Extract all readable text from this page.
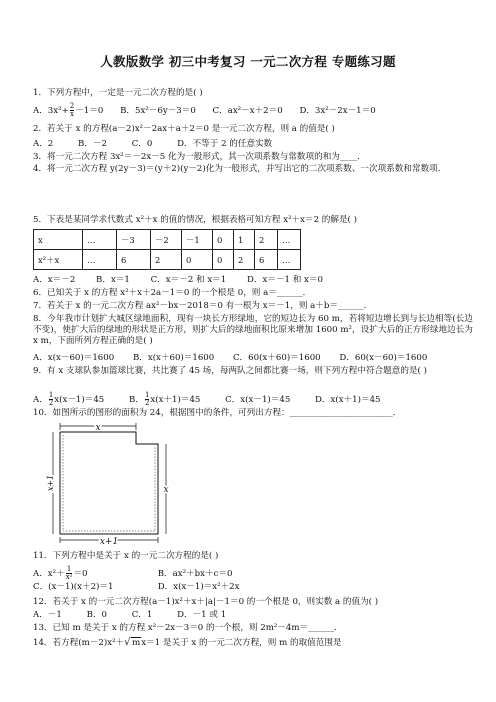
人教版数学 初三中考复习 一元二次方程 专题练习题
1．下列方程中，一定是一元二次方程的是( )
A．$3x^2+ \frac{2}{x} -1=0$ B．5x²－6y－3＝0 C．ax²－x＋2＝0 D．3x²－2x－1＝0
2．若关于 x 的方程(a－2)x²－2ax＋a＋2＝0 是一元二次方程，则 a 的值是( )
A．2	B．－2	C．0	D．不等于 2 的任意实数
3．将一元二次方程 3x²＝－2x－5 化为一般形式，其一次项系数与常数项的和为____．
4．将一元二次方程 y(2y－3)＝(y＋2)(y－2)化为一般形式，并写出它的二次项系数、一次项系数和常数项．
5．下表是某同学求代数式 x²＋x 的值的情况，根据表格可知方程 x²＋x＝2 的解是( )
x	…	－3	－2	－1	0	1	2	…
x²＋x	…	6	2	0	0	2	6	…
A．x＝－2 B．x＝1 C．x＝－2 和 x＝1 D．x＝－1 和 x＝0
6．已知关于 x 的方程 x²＋x＋2a－1＝0 的一个根是 0，则 a＝______．
7．若关于 x 的一元二次方程 ax²－bx－2018＝0 有一根为 x＝－1，则 a＋b＝______．
8．今年我市计划扩大城区绿地面积，现有一块长方形绿地，它的短边长为 60 m，若将短边增长到与长边相等(长边不变)，使扩大后的绿地的形状是正方形，则扩大后的绿地面积比原来增加 1600 m²，设扩大后的正方形绿地边长为 x m，下面所列方程正确的是( )
A．x(x－60)＝1600 B．x(x＋60)＝1600 C．60(x＋60)＝1600 D．60(x－60)＝1600
9．有 x 支球队参加篮球比赛，共比赛了 45 场，每两队之间都比赛一场，则下列方程中符合题意的是( )
A． $\frac{1}{2} x(x-1)=45$	B． $\frac{1}{2} x(x+1)=45$	C．x(x－1)＝45	D．x(x＋1)＝45
10．如图所示的图形的面积为 24，根据图中的条件，可列出方程：________________________．
x
x+1	x
x+1
11．下列方程中是关于 x 的一元二次方程的是( )
A．$x^2+ \frac{1}{\text{x²}} =0$	B．ax²＋bx＋c＝0
C．(x－1)(x＋2)＝1	D．x(x－1)＝x²＋2x
12．若关于 x 的一元二次方程(a－1)x²＋x＋|a|－1＝0 的一个根是 0，则实数 a 的值为( )
A．－1	B．0	C．1	D．－1 或 1
13．已知 m 是关于 x 的方程 x²－2x－3＝0 的一个根，则 2m²－4m＝______．
14．若方程(m－2)x²＋ √ mx＝1 是关于 x 的一元二次方程，则 m 的取值范围是
